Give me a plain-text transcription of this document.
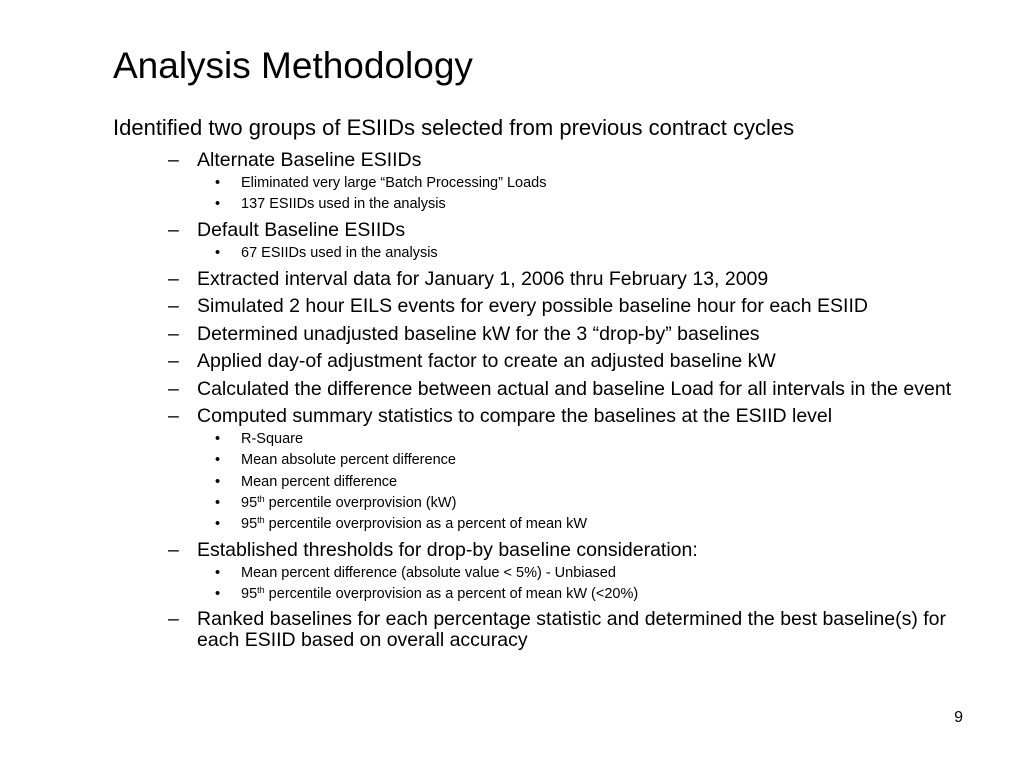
Analysis Methodology

Identified two groups of ESIIDs selected from previous contract cycles

– Alternate Baseline ESIIDs
• Eliminated very large “Batch Processing” Loads
• 137 ESIIDs used in the analysis
– Default Baseline ESIIDs
• 67 ESIIDs used in the analysis
– Extracted interval data for January 1, 2006 thru February 13, 2009
– Simulated 2 hour EILS events for every possible baseline hour for each ESIID
– Determined unadjusted baseline kW for the 3 “drop-by” baselines
– Applied day-of adjustment factor to create an adjusted baseline kW
– Calculated the difference between actual and baseline Load for all intervals in the event
– Computed summary statistics to compare the baselines at the ESIID level
• R-Square
• Mean absolute percent difference
• Mean percent difference
• 95th percentile overprovision (kW)
• 95th percentile overprovision as a percent of mean kW
– Established thresholds for drop-by baseline consideration:
• Mean percent difference (absolute value < 5%) - Unbiased
• 95th percentile overprovision as a percent of mean kW (<20%)
– Ranked baselines for each percentage statistic and determined the best baseline(s) for each ESIID based on overall accuracy
9
